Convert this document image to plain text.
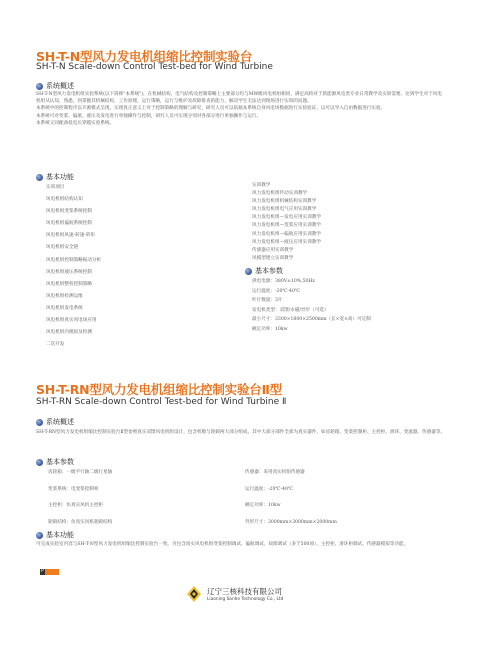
SH-T-N型风力发电机组缩比控制实验台
SH-T-N Scale-down Control Test-bed for Wind Turbine
系统概述
SH-T-N型风力发电机组实验系统(以下简称"本系统")，在机械结构、电气结构及控制策略上主要部分均与MW级风电机组相同，满足高校对于新能源风电类专业日常教学及实训需要。达到学生对于风电机组从认知，熟悉，到掌握其机械结构，工作原理，运行策略，运行与维护及故障排查的能力，解决学生无法达到现场进行实训的问题。
本系统中的控制程序以开源模式呈现，实现真正意义上对于控制策略的理解与研究，研究人员可以依据本系统自身风电场数据进行实验验证，以可以导入自由数据进行实验。
本系统可对变桨、偏航、液压及发电进行单独操作与控制，研究人员可实现分别对各部分进行单独操作与运行。
本系统又同配备低电压穿越实验系统。
基本功能
实训项目
风电机组结构认知
风电机组变桨系统控制
风电机组偏航系统控制
风电机组风速-转速-转矩
风电机组安全链
风电机组控制策略振动分析
风电机组液压系统控制
风电机组整机控制策略
风电机组检测运维
风电机组发电系统
风电机组真实风电场应用
风电机组内模拟及检测
二次开发
实训教学
风力发电机组传动实训教学
风力发电机组机械结构实训教学
风力发电机组电气应用实训教学
风力发电机组—发电应用实训教学
风力发电机组—变桨应用实训教学
风力发电机组—偏航应用实训教学
风力发电机组—液压应用实训教学
传感器应用实训教学
风模型建立实训教学
基本参数
供电电源：380V±10%,50Hz
运行温度：-20℃-40℃
叶片数量：3片
发电机类型：双馈/永磁/异步（可选）
最小尺寸：3300×1800×2500mm（长×宽×高）可定制
额定功率：10kw
SH-T-RN型风力发电机组缩比控制实验台Ⅱ型
SH-T-RN Scale-down Control Test-bed for Wind Turbine Ⅱ
系统概述
SH-T-RN型风力发电机组缩比控制实验台Ⅱ型参照真实双馈风电机组设计，包含机舱与轮毂两大部分组成，其中大部分部件全部为真实器件，如齿轮箱、变桨控制柜、主控柜、滑环、变流器、传感器等。
基本参数
齿轮箱：一级平行轴二级行星轴
变桨系统：电变桨控制柜
主控柜：仿真实风机主控柜
轮毂结构：仿真实风机轮毂结构
传感器：采用真实机组传感器
运行温度：-20℃-40℃
额定功率：10kw
外形尺寸：3000mm×3000mm×2000mm
基本功能
可完成实验室内容与SH-T-N型风力发电机组缩比控制实验台一致，另包含真实风电机组变桨控制调试、偏航调试、故障调试（多于500项）、主控柜、滑环柜调试、传感器模拟等功能。
P
辽宁三核科技有限公司
Liaoning Sanhe Technology Co., Ltd
